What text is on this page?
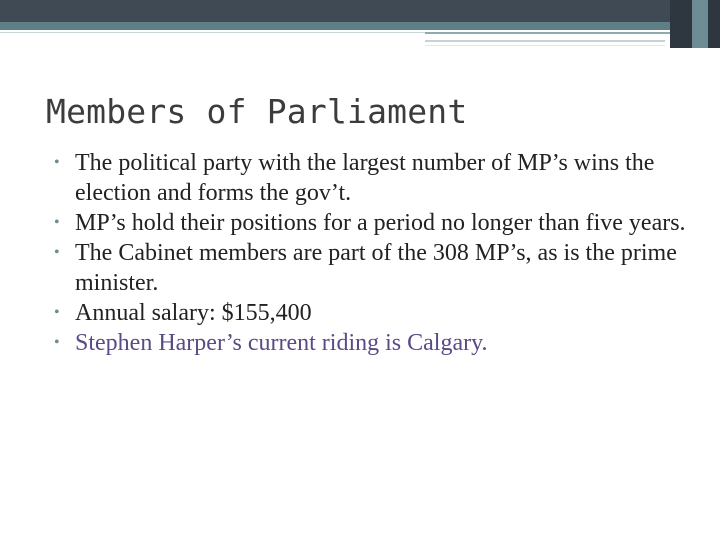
Members of Parliament
• The political party with the largest number of MP’s wins the election and forms the gov’t.
• MP’s hold their positions for a period no longer than five years.
• The Cabinet members are part of the 308 MP’s, as is the prime minister.
• Annual salary: $155,400
• Stephen Harper’s current riding is Calgary.
